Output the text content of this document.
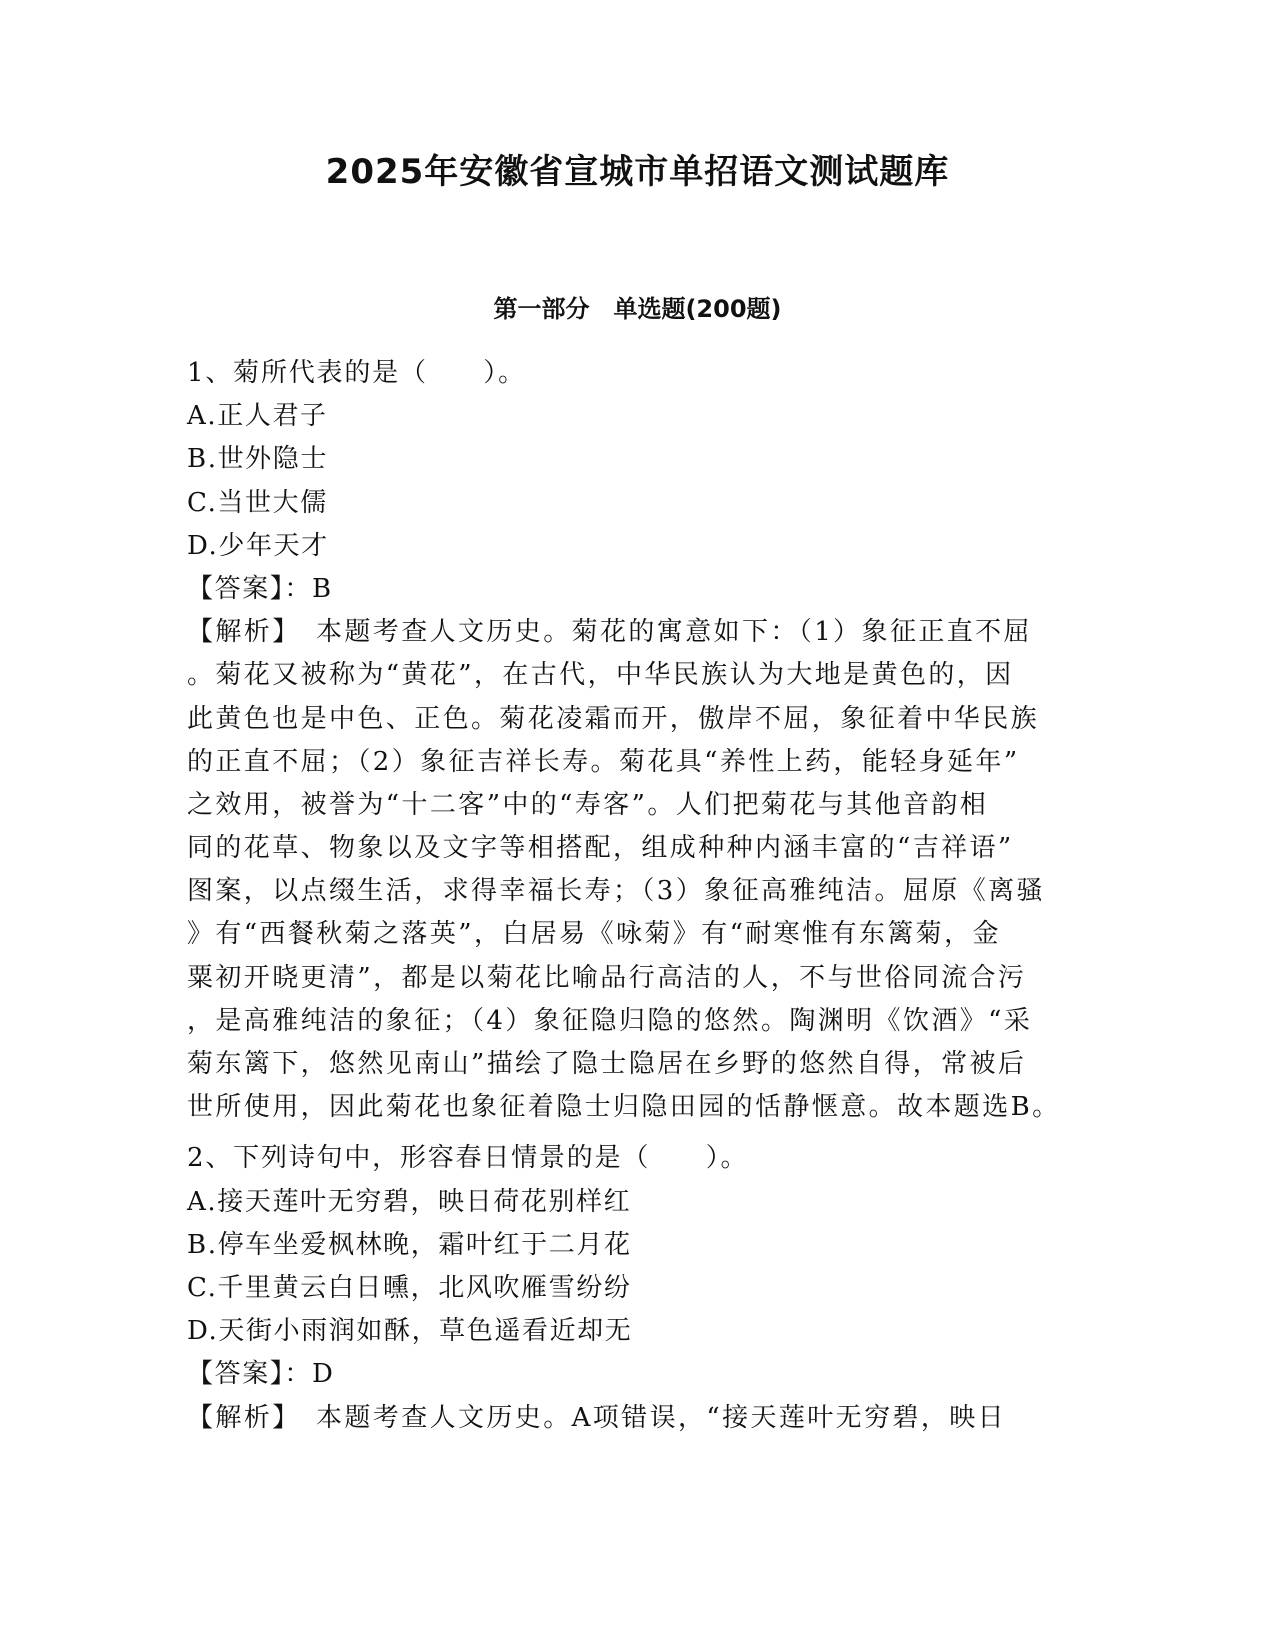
2025年安徽省宣城市单招语文测试题库
第一部分　单选题(200题)
1、菊所代表的是（　　）。
A.正人君子
B.世外隐士
C.当世大儒
D.少年天才
【答案】：B
【解析】　本题考查人文历史。菊花的寓意如下：（1）象征正直不屈
。菊花又被称为“黄花”，在古代，中华民族认为大地是黄色的，因
此黄色也是中色、正色。菊花凌霜而开，傲岸不屈，象征着中华民族
的正直不屈；（2）象征吉祥长寿。菊花具“养性上药，能轻身延年”
之效用，被誉为“十二客”中的“寿客”。人们把菊花与其他音韵相
同的花草、物象以及文字等相搭配，组成种种内涵丰富的“吉祥语”
图案，以点缀生活，求得幸福长寿；（3）象征高雅纯洁。屈原《离骚
》有“西餐秋菊之落英”，白居易《咏菊》有“耐寒惟有东篱菊，金
粟初开晓更清”，都是以菊花比喻品行高洁的人，不与世俗同流合污
，是高雅纯洁的象征；（4）象征隐归隐的悠然。陶渊明《饮酒》“采
菊东篱下，悠然见南山”描绘了隐士隐居在乡野的悠然自得，常被后
世所使用，因此菊花也象征着隐士归隐田园的恬静惬意。故本题选B。
2、下列诗句中，形容春日情景的是（　　）。
A.接天莲叶无穷碧，映日荷花别样红
B.停车坐爱枫林晚，霜叶红于二月花
C.千里黄云白日曛，北风吹雁雪纷纷
D.天街小雨润如酥，草色遥看近却无
【答案】：D
【解析】　本题考查人文历史。A项错误，“接天莲叶无穷碧，映日
